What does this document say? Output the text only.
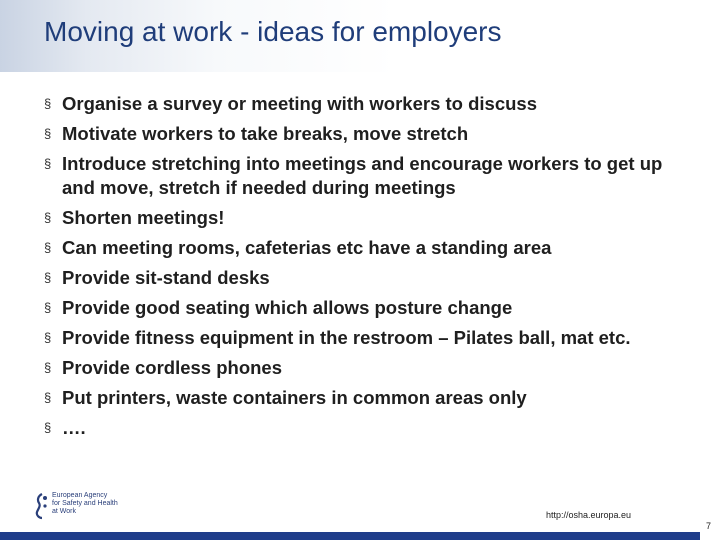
Moving at work - ideas for employers
§ Organise a survey or meeting with workers to discuss
§ Motivate workers to take breaks, move stretch
§ Introduce stretching into meetings and encourage workers to get up and move, stretch if needed during meetings
§ Shorten meetings!
§ Can meeting rooms, cafeterias etc have a standing area
§ Provide sit-stand desks
§ Provide good seating which allows posture change
§ Provide fitness equipment in the restroom – Pilates ball, mat etc.
§ Provide cordless phones
§ Put printers, waste containers in common areas only
§ ….
European Agency
for Safety and Health
at Work	http://osha.europa.eu
7
